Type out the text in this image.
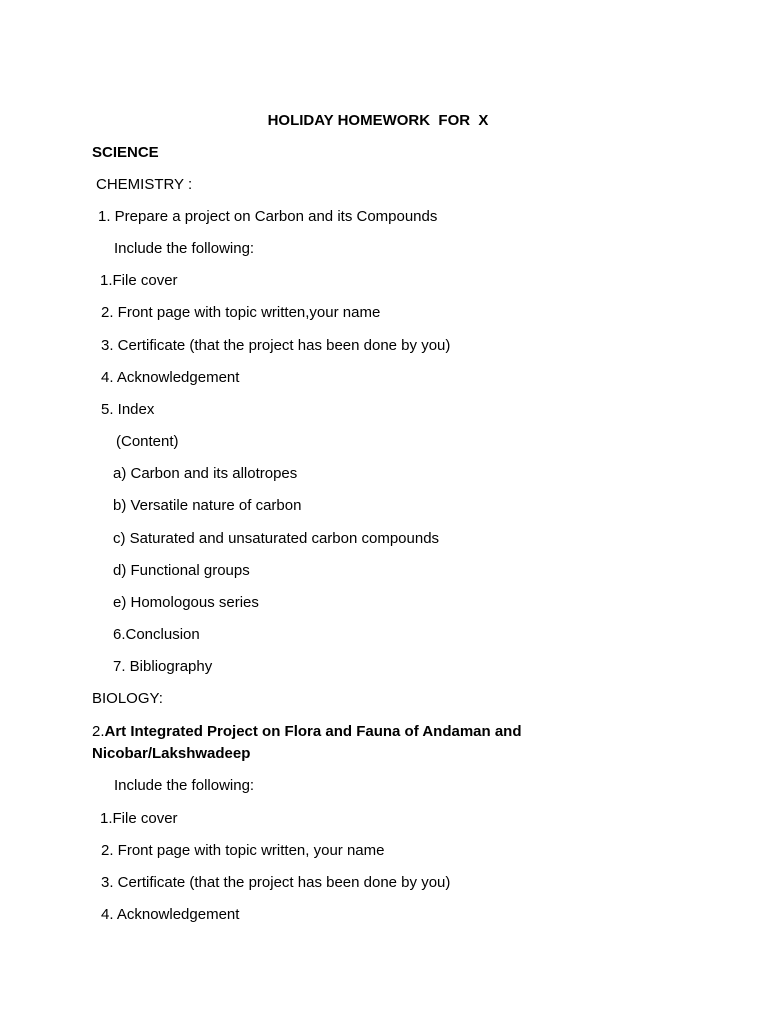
HOLIDAY HOMEWORK  FOR  X
SCIENCE
CHEMISTRY :
1. Prepare a project on Carbon and its Compounds
Include the following:
1.File cover
2. Front page with topic written,your name
3. Certificate (that the project has been done by you)
4. Acknowledgement
5. Index
(Content)
a) Carbon and its allotropes
b) Versatile nature of carbon
c) Saturated and unsaturated carbon compounds
d) Functional groups
e) Homologous series
6.Conclusion
7. Bibliography
BIOLOGY:
2.Art Integrated Project on Flora and Fauna of Andaman and
Nicobar/Lakshwadeep
Include the following:
1.File cover
2. Front page with topic written, your name
3. Certificate (that the project has been done by you)
4. Acknowledgement
